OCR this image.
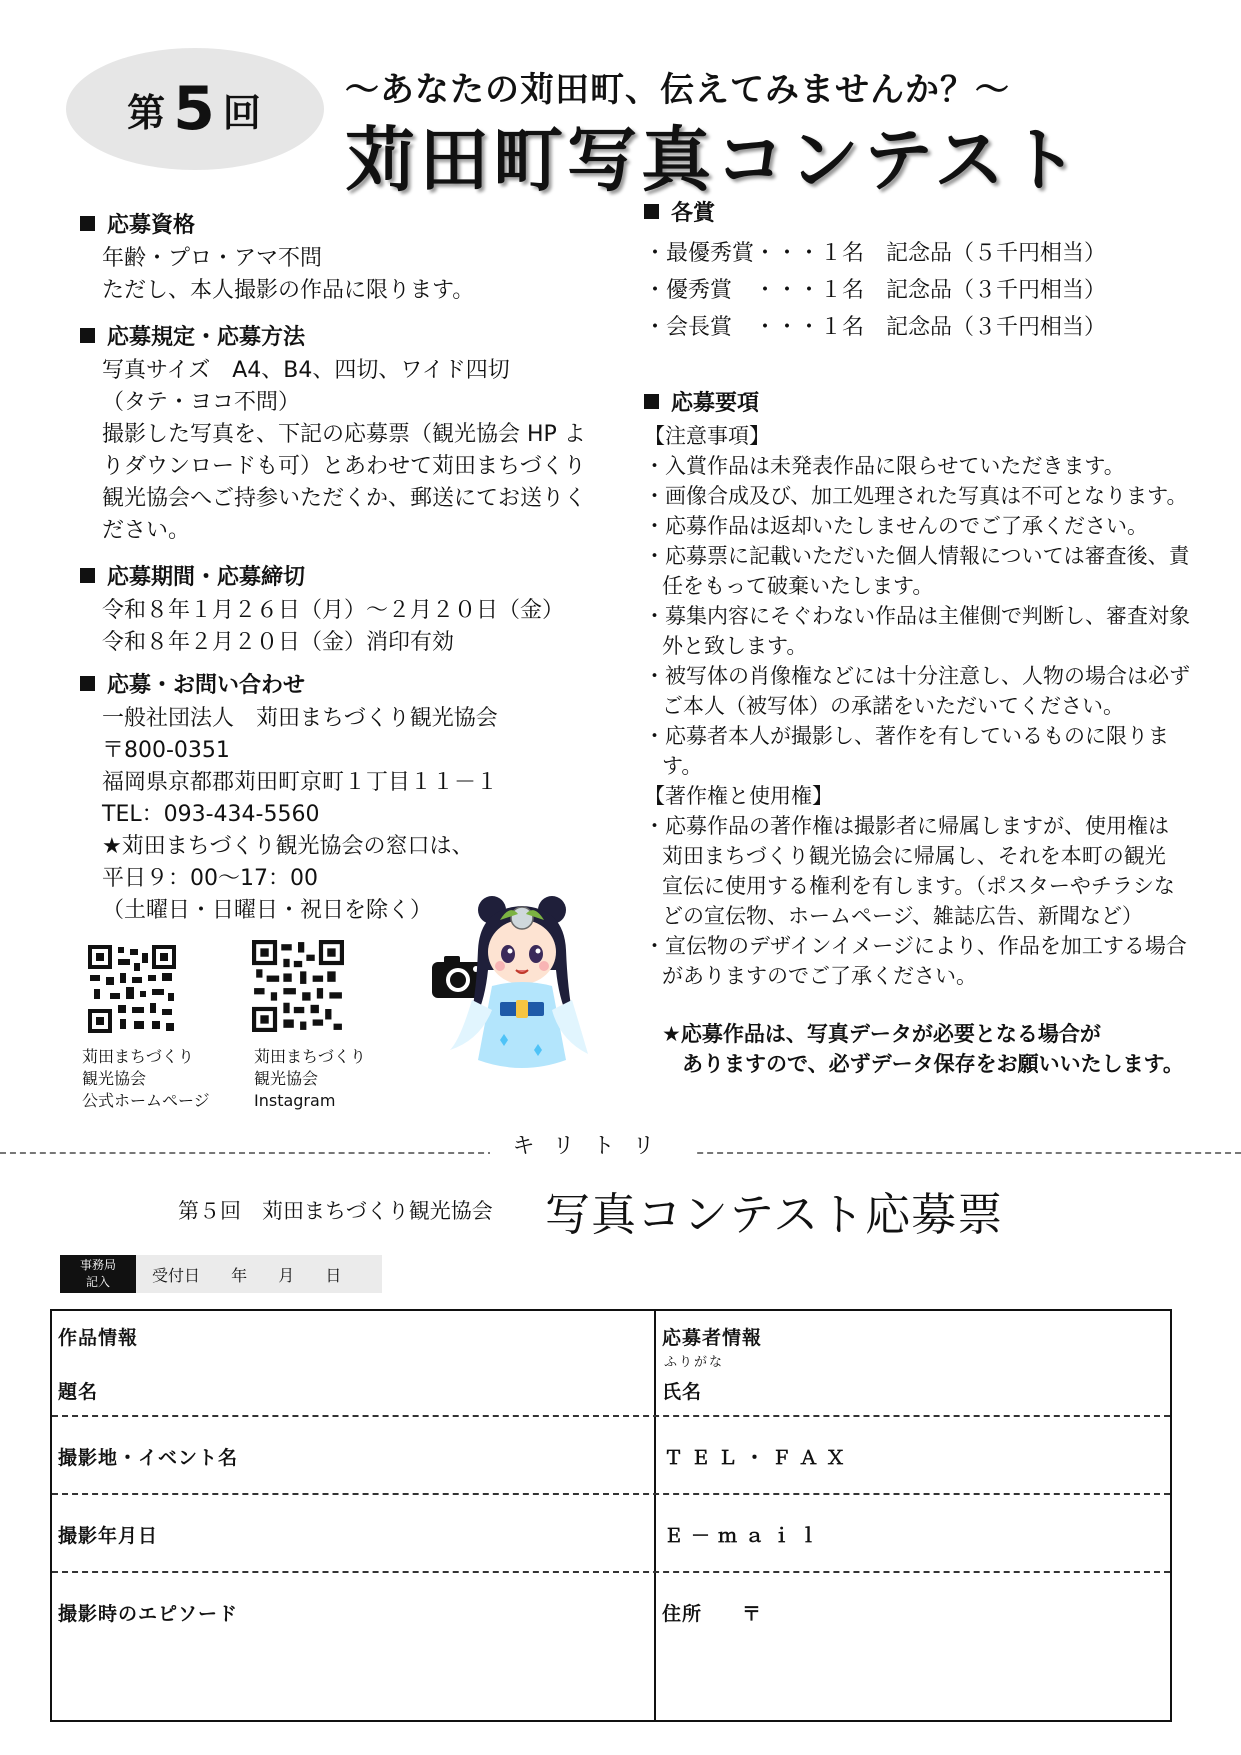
第 5 回
～あなたの苅田町、伝えてみませんか？～
苅田町写真コンテスト
応募資格
年齢・プロ・アマ不問
ただし、本人撮影の作品に限ります。
応募規定・応募方法
写真サイズ　A4、B4、四切、ワイド四切
（タテ・ヨコ不問）
撮影した写真を、下記の応募票（観光協会 HP よ
りダウンロードも可）とあわせて苅田まちづくり
観光協会へご持参いただくか、郵送にてお送りく
ださい。
応募期間・応募締切
令和８年１月２６日（月）～２月２０日（金）
令和８年２月２０日（金）消印有効
応募・お問い合わせ
一般社団法人　苅田まちづくり観光協会
〒800-0351
福岡県京都郡苅田町京町１丁目１１－１
TEL：093-434-5560
★苅田まちづくり観光協会の窓口は、
平日９：00～17：00
（土曜日・日曜日・祝日を除く）
苅田まちづくり
観光協会
公式ホームページ
苅田まちづくり
観光協会
Instagram
各賞
・最優秀賞・・・１名　記念品（５千円相当）
・優秀賞　・・・１名　記念品（３千円相当）
・会長賞　・・・１名　記念品（３千円相当）
応募要項
【注意事項】
・入賞作品は未発表作品に限らせていただきます。
・画像合成及び、加工処理された写真は不可となります。
・応募作品は返却いたしませんのでご了承ください。
・応募票に記載いただいた個人情報については審査後、責
任をもって破棄いたします。
・募集内容にそぐわない作品は主催側で判断し、審査対象
外と致します。
・被写体の肖像権などには十分注意し、人物の場合は必ず
ご本人（被写体）の承諾をいただいてください。
・応募者本人が撮影し、著作を有しているものに限りま
す。
【著作権と使用権】
・応募作品の著作権は撮影者に帰属しますが、使用権は
苅田まちづくり観光協会に帰属し、それを本町の観光
宣伝に使用する権利を有します。（ポスターやチラシな
どの宣伝物、ホームページ、雑誌広告、新聞など）
・宣伝物のデザインイメージにより、作品を加工する場合
がありますのでご了承ください。
★応募作品は、写真データが必要となる場合が
ありますので、必ずデータ保存をお願いいたします。
キリトリ
第５回　苅田まちづくり観光協会 写真コンテスト応募票
事務局
記入	受付日 年 月 日
作品情報
題名
撮影地・イベント名
撮影年月日
撮影時のエピソード
応募者情報
ふりがな
氏名
ＴＥＬ・ＦＡＸ
Ｅ－ｍａｉｌ
住所　　〒
